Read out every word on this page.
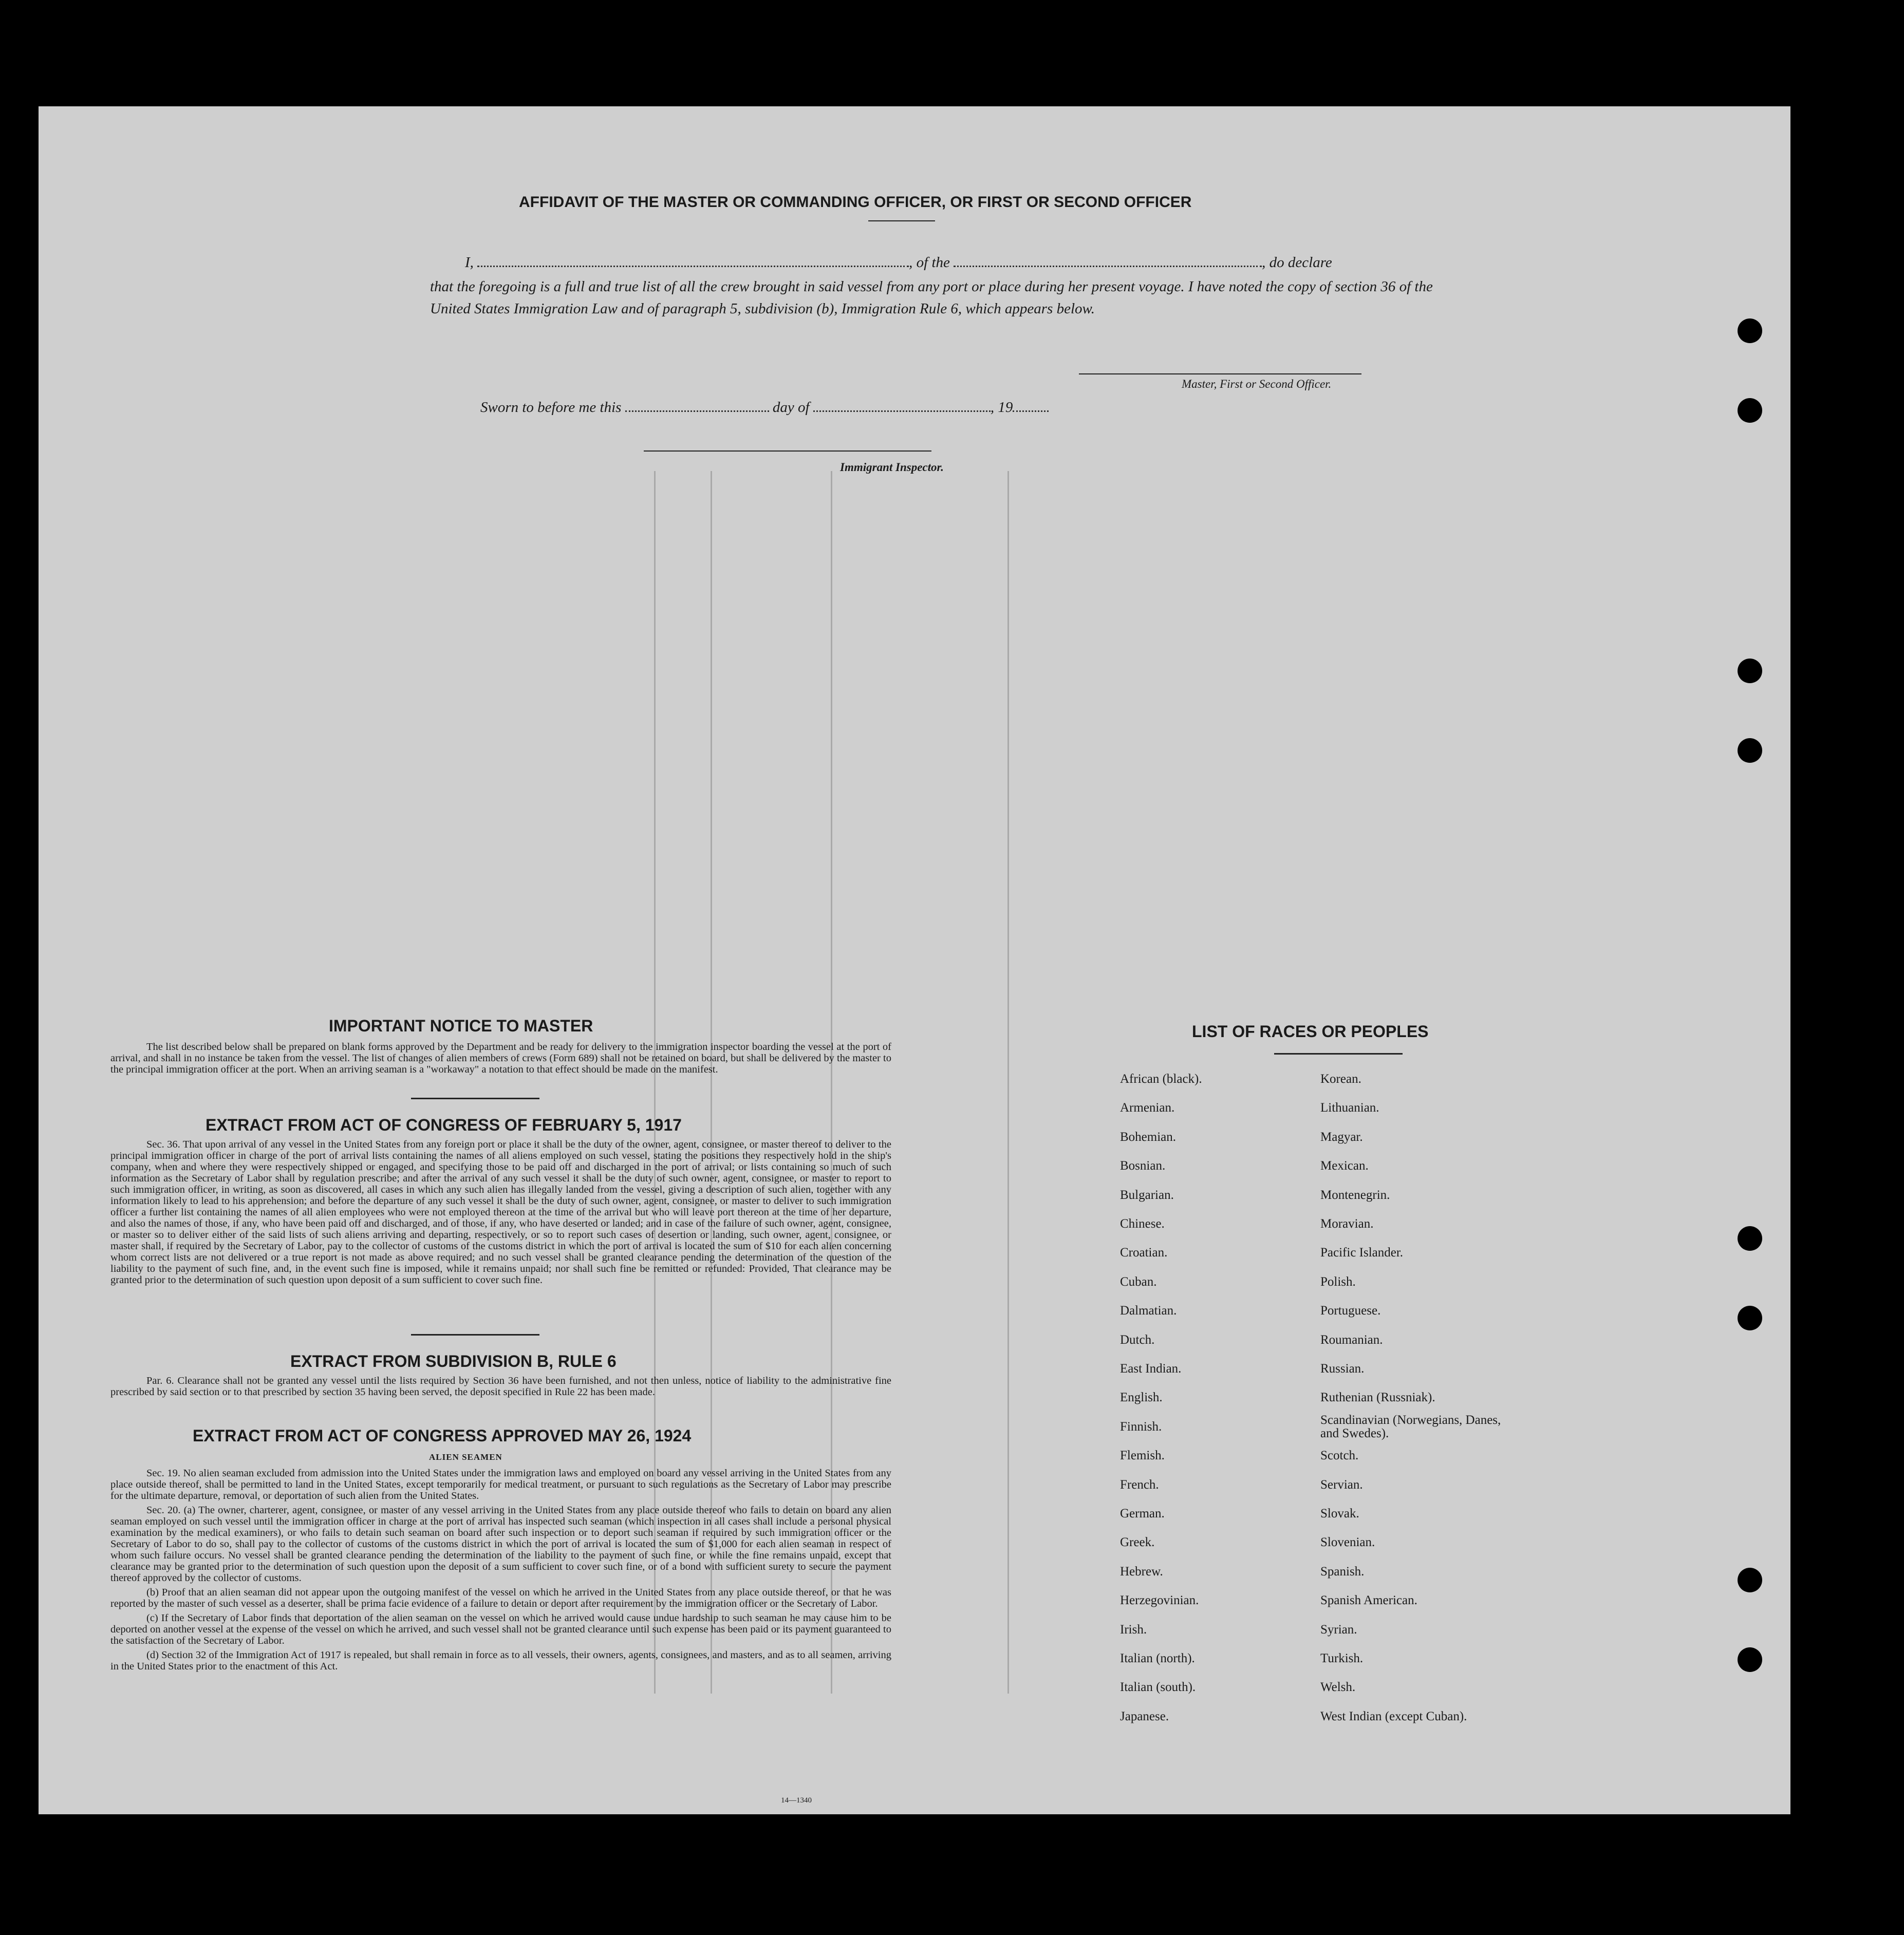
AFFIDAVIT OF THE MASTER OR COMMANDING OFFICER, OR FIRST OR SECOND OFFICER
I,	, of the	, do declare
that the foregoing is a full and true list of all the crew brought in said vessel from any port or place during her present voyage. I have noted the copy of section 36 of the United States Immigration Law and of paragraph 5, subdivision (b), Immigration Rule 6, which appears below.
Master, First or Second Officer.
Sworn to before me this	day of	, 19
Immigrant Inspector.
IMPORTANT NOTICE TO MASTER
The list described below shall be prepared on blank forms approved by the Department and be ready for delivery to the immigration inspector boarding the vessel at the port of arrival, and shall in no instance be taken from the vessel. The list of changes of alien members of crews (Form 689) shall not be retained on board, but shall be delivered by the master to the principal immigration officer at the port. When an arriving seaman is a "workaway" a notation to that effect should be made on the manifest.
EXTRACT FROM ACT OF CONGRESS OF FEBRUARY 5, 1917
Sec. 36. That upon arrival of any vessel in the United States from any foreign port or place it shall be the duty of the owner, agent, consignee, or master thereof to deliver to the principal immigration officer in charge of the port of arrival lists containing the names of all aliens employed on such vessel, stating the positions they respectively hold in the ship's company, when and where they were respectively shipped or engaged, and specifying those to be paid off and discharged in the port of arrival; or lists containing so much of such information as the Secretary of Labor shall by regulation prescribe; and after the arrival of any such vessel it shall be the duty of such owner, agent, consignee, or master to report to such immigration officer, in writing, as soon as discovered, all cases in which any such alien has illegally landed from the vessel, giving a description of such alien, together with any information likely to lead to his apprehension; and before the departure of any such vessel it shall be the duty of such owner, agent, consignee, or master to deliver to such immigration officer a further list containing the names of all alien employees who were not employed thereon at the time of the arrival but who will leave port thereon at the time of her departure, and also the names of those, if any, who have been paid off and discharged, and of those, if any, who have deserted or landed; and in case of the failure of such owner, agent, consignee, or master so to deliver either of the said lists of such aliens arriving and departing, respectively, or so to report such cases of desertion or landing, such owner, agent, consignee, or master shall, if required by the Secretary of Labor, pay to the collector of customs of the customs district in which the port of arrival is located the sum of $10 for each alien concerning whom correct lists are not delivered or a true report is not made as above required; and no such vessel shall be granted clearance pending the determination of the question of the liability to the payment of such fine, and, in the event such fine is imposed, while it remains unpaid; nor shall such fine be remitted or refunded: Provided, That clearance may be granted prior to the determination of such question upon deposit of a sum sufficient to cover such fine.
EXTRACT FROM SUBDIVISION B, RULE 6
Par. 6. Clearance shall not be granted any vessel until the lists required by Section 36 have been furnished, and not then unless, notice of liability to the administrative fine prescribed by said section or to that prescribed by section 35 having been served, the deposit specified in Rule 22 has been made.
EXTRACT FROM ACT OF CONGRESS APPROVED MAY 26, 1924
ALIEN SEAMEN

Sec. 19. No alien seaman excluded from admission into the United States under the immigration laws and employed on board any vessel arriving in the United States from any place outside thereof, shall be permitted to land in the United States, except temporarily for medical treatment, or pursuant to such regulations as the Secretary of Labor may prescribe for the ultimate departure, removal, or deportation of such alien from the United States.

Sec. 20. (a) The owner, charterer, agent, consignee, or master of any vessel arriving in the United States from any place outside thereof who fails to detain on board any alien seaman employed on such vessel until the immigration officer in charge at the port of arrival has inspected such seaman (which inspection in all cases shall include a personal physical examination by the medical examiners), or who fails to detain such seaman on board after such inspection or to deport such seaman if required by such immigration officer or the Secretary of Labor to do so, shall pay to the collector of customs of the customs district in which the port of arrival is located the sum of $1,000 for each alien seaman in respect of whom such failure occurs. No vessel shall be granted clearance pending the determination of the liability to the payment of such fine, or while the fine remains unpaid, except that clearance may be granted prior to the determination of such question upon the deposit of a sum sufficient to cover such fine, or of a bond with sufficient surety to secure the payment thereof approved by the collector of customs.

(b) Proof that an alien seaman did not appear upon the outgoing manifest of the vessel on which he arrived in the United States from any place outside thereof, or that he was reported by the master of such vessel as a deserter, shall be prima facie evidence of a failure to detain or deport after requirement by the immigration officer or the Secretary of Labor.

(c) If the Secretary of Labor finds that deportation of the alien seaman on the vessel on which he arrived would cause undue hardship to such seaman he may cause him to be deported on another vessel at the expense of the vessel on which he arrived, and such vessel shall not be granted clearance until such expense has been paid or its payment guaranteed to the satisfaction of the Secretary of Labor.

(d) Section 32 of the Immigration Act of 1917 is repealed, but shall remain in force as to all vessels, their owners, agents, consignees, and masters, and as to all seamen, arriving in the United States prior to the enactment of this Act.

14—1340
LIST OF RACES OR PEOPLES
African (black).
Armenian.
Bohemian.
Bosnian.
Bulgarian.
Chinese.
Croatian.
Cuban.
Dalmatian.
Dutch.
East Indian.
English.
Finnish.
Flemish.
French.
German.
Greek.
Hebrew.
Herzegovinian.
Irish.
Italian (north).
Italian (south).
Japanese.
Korean.
Lithuanian.
Magyar.
Mexican.
Montenegrin.
Moravian.
Pacific Islander.
Polish.
Portuguese.
Roumanian.
Russian.
Ruthenian (Russniak).
Scandinavian (Norwegians, Danes, and Swedes).
Scotch.
Servian.
Slovak.
Slovenian.
Spanish.
Spanish American.
Syrian.
Turkish.
Welsh.
West Indian (except Cuban).
